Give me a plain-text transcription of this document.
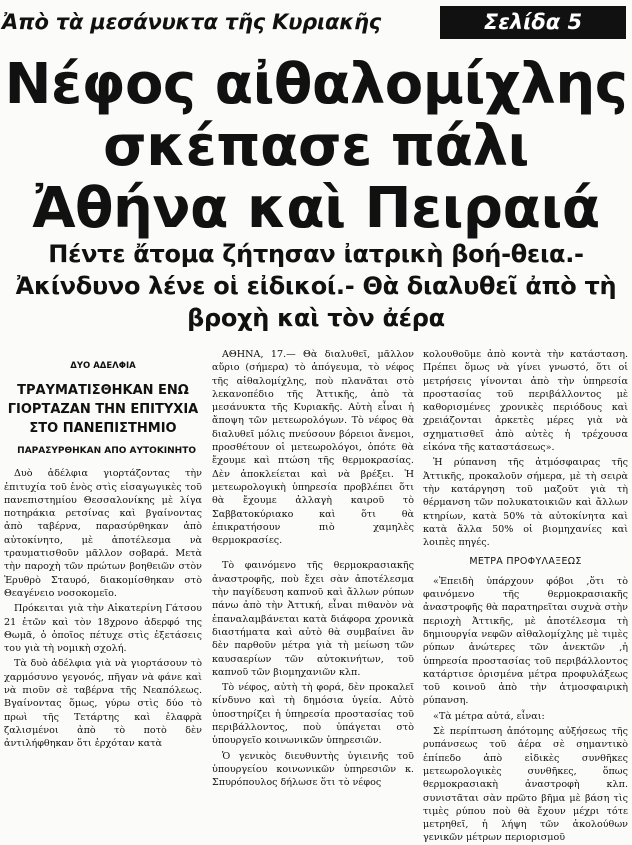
Ἀπὸ τὰ μεσάνυκτα τῆς Κυριακῆς	Σελίδα 5
Νέφος αἰθαλομίχλης
σκέπασε πάλι
Ἀθήνα καὶ Πειραιά
Πέντε ἄτομα ζήτησαν ἰατρικὴ βοή-θεια.- Ἀκίνδυνο λένε οἱ εἰδικοί.- Θὰ διαλυθεῖ ἀπὸ τὴ βροχὴ καὶ τὸν ἀέρα
ΔΥΟ ΑΔΕΛΦΙΑ
ΤΡΑΥΜΑΤΙΣΘΗΚΑΝ ΕΝΩ ΓΙΟΡΤΑΖΑΝ ΤΗΝ ΕΠΙΤΥΧΙΑ ΣΤΟ ΠΑΝΕΠΙΣΤΗΜΙΟ
ΠΑΡΑΣΥΡΘΗΚΑΝ ΑΠΟ ΑΥΤΟΚΙΝΗΤΟ

Δυὸ ἀδέλφια γιορτάζοντας τὴν ἐπιτυχία τοῦ ἑνὸς στὶς εἰσαγωγικὲς τοῦ πανεπιστημίου Θεσσαλονίκης μὲ λίγα ποτηράκια ρετσίνας καὶ βγαίνοντας ἀπὸ ταβέρνα, παρασύρθηκαν ἀπὸ αὐτοκίνητο, μὲ ἀποτέλεσμα νὰ τραυματισθοῦν μᾶλλον σοβαρά. Μετὰ τὴν παροχὴ τῶν πρώτων βοηθειῶν στὸν Ἐρυθρὸ Σταυρό, διακομίσθηκαν στὸ Θεαγένειο νοσοκομεῖο.

Πρόκειται γιὰ τὴν Αἰκατερίνη Γάτσου 21 ἐτῶν καὶ τὸν 18χρονο ἀδερφό της Θωμᾶ, ὁ ὁποῖος πέτυχε στὶς ἐξετάσεις του γιὰ τὴ νομικὴ σχολή.

Τὰ δυὸ ἀδέλφια γιὰ νὰ γιορτάσουν τὸ χαρμόσυνο γεγονός, πῆγαν νὰ φάνε καὶ νὰ πιοῦν σὲ ταβέρνα τῆς Νεαπόλεως. Βγαίνοντας ὅμως, γύρω στὶς δύο τὸ πρωὶ τῆς Τετάρτης καὶ ἐλαφρὰ ζαλισμένοι ἀπὸ τὸ ποτὸ δὲν ἀντιλήφθηκαν ὅτι ἐρχόταν κατὰ

ΑΘΗΝΑ, 17.— Θὰ διαλυθεῖ, μᾶλλον αὔριο (σήμερα) τὸ ἀπόγευμα, τὸ νέφος τῆς αἰθαλομίχλης, ποὺ πλανᾶται στὸ λεκανοπέδιο τῆς Ἀττικῆς, ἀπὸ τὰ μεσάνυκτα τῆς Κυριακῆς. Αὐτὴ εἶναι ἡ ἄποψη τῶν μετεωρολόγων. Τὸ νέφος θὰ διαλυθεῖ μόλις πνεύσουν βόρειοι ἄνεμοι, προσθέτουν οἱ μετεωρολόγοι, ὁπότε θὰ ἔχουμε καὶ πτώση τῆς θερμοκρασίας. Δὲν ἀποκλείεται καὶ νὰ βρέξει. Ἡ μετεωρολογικὴ ὑπηρεσία προβλέπει ὅτι θὰ ἔχουμε ἀλλαγὴ καιροῦ τὸ Σαββατοκύριακο καὶ ὅτι θὰ ἐπικρατήσουν πιὸ χαμηλὲς θερμοκρασίες.

Τὸ φαινόμενο τῆς θερμοκρασιακῆς ἀναστροφῆς, ποὺ ἔχει σὰν ἀποτέλεσμα τὴν παγίδευση καπνοῦ καὶ ἄλλων ρύπων πάνω ἀπὸ τὴν Ἀττική, εἶναι πιθανὸν νὰ ἐπαναλαμβάνεται κατὰ διάφορα χρονικὰ διαστήματα καὶ αὐτὸ θὰ συμβαίνει ἂν δὲν παρθοῦν μέτρα γιὰ τὴ μείωση τῶν καυσαερίων τῶν αὐτοκινήτων, τοῦ καπνοῦ τῶν βιομηχανιῶν κλπ.

Τὸ νέφος, αὐτὴ τὴ φορά, δὲν προκαλεῖ κίνδυνο καὶ τὴ δημόσια ὑγεία. Αὐτὸ ὑποστηρίζει ἡ ὑπηρεσία προστασίας τοῦ περιβάλλοντος, ποὺ ὑπάγεται στὸ ὑπουργεῖο κοινωνικῶν ὑπηρεσιῶν.

Ὁ γενικὸς διευθυντὴς ὑγιεινῆς τοῦ ὑπουργείου κοινωνικῶν ὑπηρεσιῶν κ. Σπυρόπουλος δήλωσε ὅτι τὸ νέφος

κολουθοῦμε ἀπὸ κοντὰ τὴν κατάσταση. Πρέπει ὅμως νὰ γίνει γνωστό, ὅτι οἱ μετρήσεις γίνονται ἀπὸ τὴν ὑπηρεσία προστασίας τοῦ περιβάλλοντος μὲ καθορισμένες χρονικὲς περιόδους καὶ χρειάζονται ἀρκετὲς μέρες γιὰ νὰ σχηματισθεῖ ἀπὸ αὐτὲς ἡ τρέχουσα εἰκόνα τῆς καταστάσεως».

Ἡ ρύπανση τῆς ἀτμόσφαιρας τῆς Ἀττικῆς, προκαλοῦν σήμερα, μὲ τὴ σειρὰ τὴν κατάργηση τοῦ μαζοῦτ γιὰ τὴ θέρμανση τῶν πολυκατοικιῶν καὶ ἄλλων κτηρίων, κατὰ 50% τὰ αὐτοκίνητα καὶ κατὰ ἄλλα 50% οἱ βιομηχανίες καὶ λοιπὲς πηγές.

ΜΕΤΡΑ ΠΡΟΦΥΛΑΞΕΩΣ

«Ἐπειδὴ ὑπάρχουν φόβοι ,ὅτι τὸ φαινόμενο τῆς θερμοκρασιακῆς ἀναστροφῆς θὰ παρατηρεῖται συχνὰ στὴν περιοχὴ Ἀττικῆς, μὲ ἀποτέλεσμα τὴ δημιουργία νεφῶν αἰθαλομίχλης μὲ τιμὲς ρύπων ἀνώτερες τῶν ἀνεκτῶν ,ἡ ὑπηρεσία προστασίας τοῦ περιβάλλοντος κατάρτισε ὁρισμένα μέτρα προφυλάξεως τοῦ κοινοῦ ἀπὸ τὴν ἀτμοσφαιρικὴ ρύπανση.

«Τὰ μέτρα αὐτά, εἶναι:

Σὲ περίπτωση ἀπότομης αὐξήσεως τῆς ρυπάνσεως τοῦ ἀέρα σὲ σημαντικὸ ἐπίπεδο ἀπὸ εἰδικὲς συνθῆκες μετεωρολογικὲς συνθῆκες, ὅπως θερμοκρασιακὴ ἀναστροφὴ κλπ. συνιστᾶται σὰν πρῶτο βῆμα μὲ βάση τὶς τιμὲς ρύπου ποὺ θὰ ἔχουν μέχρι τότε μετρηθεῖ, ἡ λήψη τῶν ἀκολούθων γενικῶν μέτρων περιορισμοῦ
